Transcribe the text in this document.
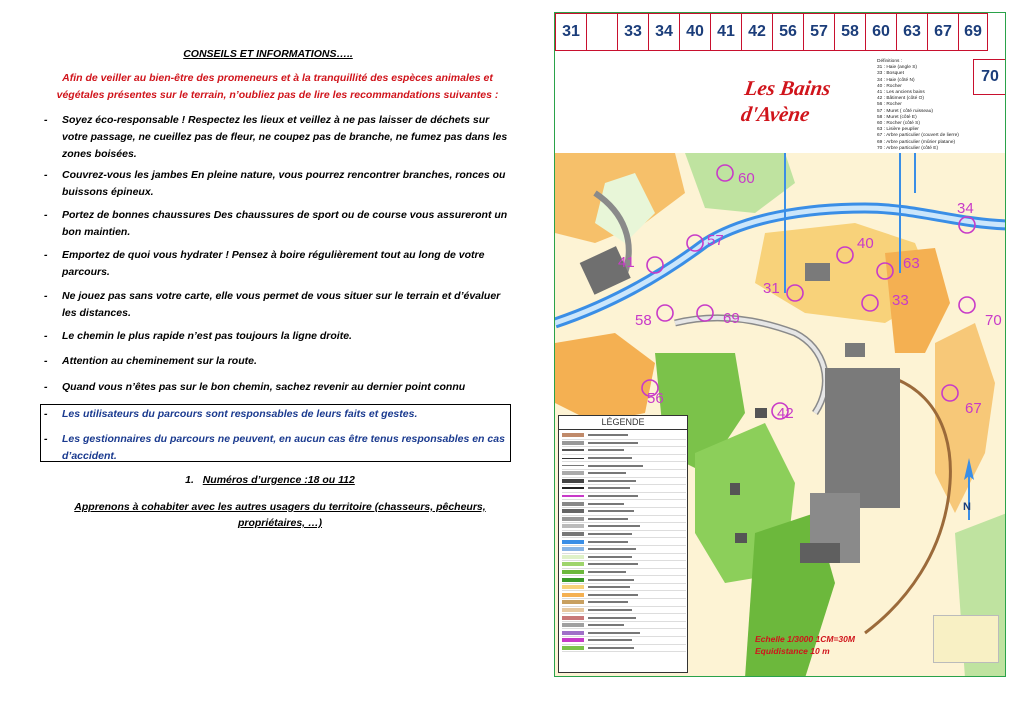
CONSEILS ET INFORMATIONS…..
Afin de veiller au bien-être des promeneurs et à la tranquillité des espèces animales et végétales présentes sur le terrain, n’oubliez pas de lire les recommandations suivantes :
-	Soyez éco-responsable ! Respectez les lieux et veillez à ne pas laisser de déchets sur votre passage, ne cueillez pas de fleur, ne coupez pas de branche, ne fumez pas dans les zones boisées.
-	Couvrez-vous les jambes En pleine nature, vous pourrez rencontrer branches, ronces ou buissons épineux.
-	Portez de bonnes chaussures Des chaussures de sport ou de course vous assureront un bon maintien.
-	Emportez de quoi vous hydrater ! Pensez à boire régulièrement tout au long de votre parcours.
-	Ne jouez pas sans votre carte, elle vous permet de vous situer sur le terrain et d’évaluer les distances.
-	Le chemin le plus rapide n’est pas toujours la ligne droite.
-	Attention au cheminement sur la route.
-	Quand vous n’êtes pas sur le bon chemin, sachez revenir au dernier point connu
-	Les utilisateurs du parcours sont responsables de leurs faits et gestes.
-	Les gestionnaires du parcours ne peuvent, en aucun cas être tenus responsables en cas d’accident.
1. Numéros d’urgence :18 ou 112
Apprenons à cohabiter avec les autres usagers du territoire (chasseurs, pêcheurs, propriétaires, …)
31	33 34 40 41 42 56 57 58 60 63 67 69
70
Les Bains
d'Avène
Définitions :
31 : Haie (angle S)
33 : Bosquet
34 : Haie (côté N)
40 : Rocher
41 : Les anciens bains
42 : Bâtiment (côté O)
56 : Rocher
57 : Muret ( côté ruisseau)
58 : Muret (côté E)
60 : Rocher (côté S)
63 : Lisière peuplier
67 : Arbre particulier (couvert de lierre)
69 : Arbre particulier (mûrier platane)
70 : Arbre particulier (côté E)
60
34
40
63
57
41
31
33
58	69	70
56
67
42
LÉGENDE
Echelle 1/3000 1CM=30M
Equidistance 10 m
N
